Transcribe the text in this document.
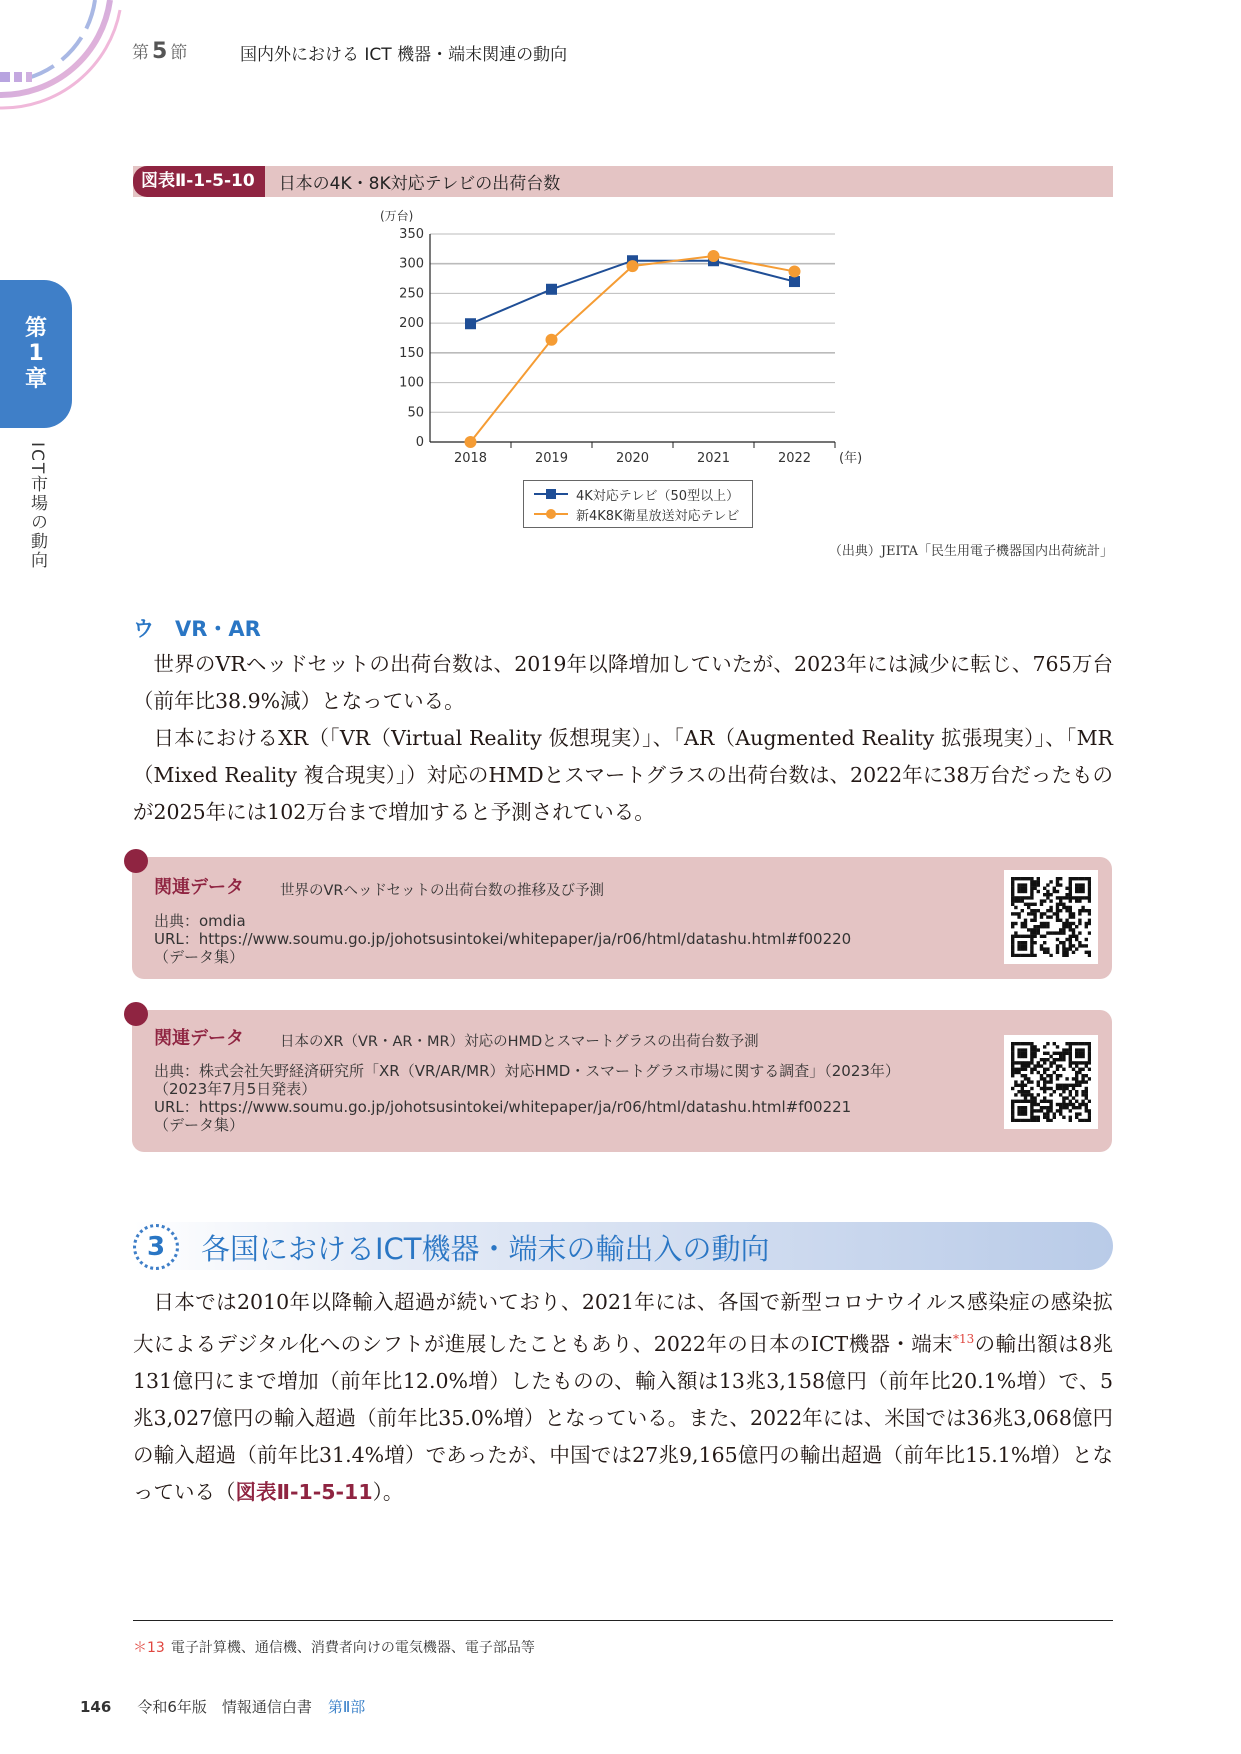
第 5 節	国内外における ICT 機器・端末関連の動向
第
1
章
ICT市場の動向
図表Ⅱ-1-5-10	日本の4K・8K対応テレビの出荷台数
(万台)
0
50
100
150
200
250
300
350
2018	2019	2020	2021	2022 (年)
4K対応テレビ（50型以上）
新4K8K衛星放送対応テレビ
（出典）JEITA「民生用電子機器国内出荷統計」
ウ　VR・AR

世界のVRヘッドセットの出荷台数は、2019年以降増加していたが、2023年には減少に転じ、765万台（前年比38.9%減）となっている。

日本におけるXR（「VR（Virtual Reality 仮想現実）」、「AR（Augmented Reality 拡張現実）」、「MR（Mixed Reality 複合現実）」）対応のHMDとスマートグラスの出荷台数は、2022年に38万台だったものが2025年には102万台まで増加すると予測されている。

関連データ 世界のVRヘッドセットの出荷台数の推移及び予測
出典：omdia
URL：https://www.soumu.go.jp/johotsusintokei/whitepaper/ja/r06/html/datashu.html#f00220
（データ集）
関連データ 日本のXR（VR・AR・MR）対応のHMDとスマートグラスの出荷台数予測
出典：株式会社矢野経済研究所「XR（VR/AR/MR）対応HMD・スマートグラス市場に関する調査」（2023年）
（2023年7月5日発表）
URL：https://www.soumu.go.jp/johotsusintokei/whitepaper/ja/r06/html/datashu.html#f00221
（データ集）
3	各国におけるICT機器・端末の輸出入の動向

日本では2010年以降輸入超過が続いており、2021年には、各国で新型コロナウイルス感染症の感染拡大によるデジタル化へのシフトが進展したこともあり、2022年の日本のICT機器・端末$^{*13}$の輸出額は8兆131億円にまで増加（前年比12.0%増）したものの、輸入額は13兆3,158億円（前年比20.1%増）で、5兆3,027億円の輸入超過（前年比35.0%増）となっている。また、2022年には、米国では36兆3,068億円の輸入超過（前年比31.4%増）であったが、中国では27兆9,165億円の輸出超過（前年比15.1%増）となっている（図表Ⅱ-1-5-11）。

＊13 電子計算機、通信機、消費者向けの電気機器、電子部品等
146 令和6年版　情報通信白書 第Ⅱ部
